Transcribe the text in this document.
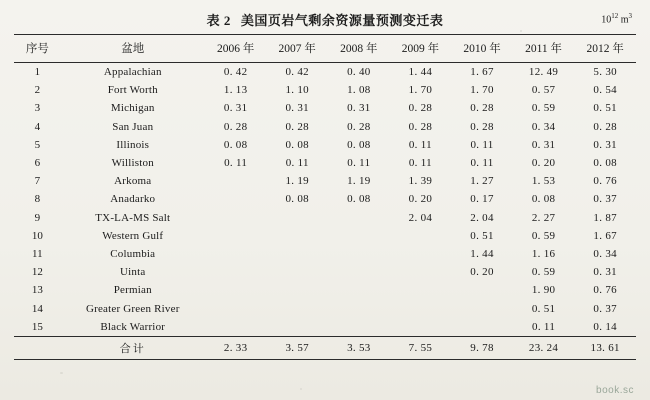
表 2 美国页岩气剩余资源量预测变迁表	$10^{12}$ $m^3$
序号	盆地	2006 年	2007 年	2008 年	2009 年	2010 年	2011 年	2012 年
1	Appalachian	0. 42	0. 42	0. 40	1. 44	1. 67	12. 49	5. 30
2	Fort Worth	1. 13	1. 10	1. 08	1. 70	1. 70	0. 57	0. 54
3	Michigan	0. 31	0. 31	0. 31	0. 28	0. 28	0. 59	0. 51
4	San Juan	0. 28	0. 28	0. 28	0. 28	0. 28	0. 34	0. 28
5	Illinois	0. 08	0. 08	0. 08	0. 11	0. 11	0. 31	0. 31
6	Williston	0. 11	0. 11	0. 11	0. 11	0. 11	0. 20	0. 08
7	Arkoma		1. 19	1. 19	1. 39	1. 27	1. 53	0. 76
8	Anadarko		0. 08	0. 08	0. 20	0. 17	0. 08	0. 37
9	TX-LA-MS Salt				2. 04	2. 04	2. 27	1. 87
10	Western Gulf					0. 51	0. 59	1. 67
11	Columbia					1. 44	1. 16	0. 34
12	Uinta					0. 20	0. 59	0. 31
13	Permian						1. 90	0. 76
14	Greater Green River						0. 51	0. 37
15	Black Warrior						0. 11	0. 14
	合计	2. 33	3. 57	3. 53	7. 55	9. 78	23. 24	13. 61
book.sc
